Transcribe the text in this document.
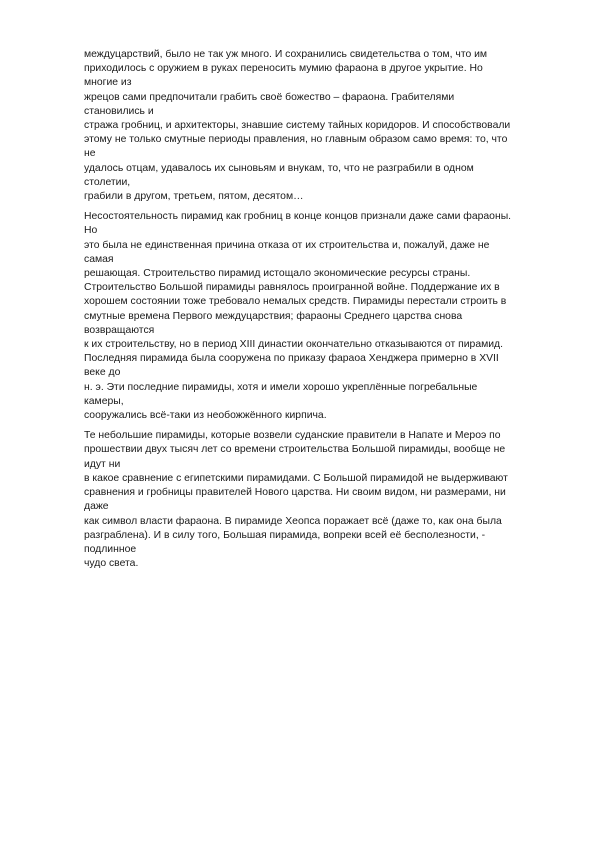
междуцарствий, было не так уж много. И сохранились свидетельства о том, что им
приходилось с оружием в руках переносить мумию фараона в другое укрытие. Но многие из
жрецов сами предпочитали грабить своё божество – фараона. Грабителями становились и
стража гробниц, и архитекторы, знавшие систему тайных коридоров. И способствовали
этому не только смутные периоды правления, но главным образом само время: то, что не
удалось отцам, удавалось их сыновьям и внукам, то, что не разграбили в одном столетии,
грабили в другом, третьем, пятом, десятом…

Несостоятельность пирамид как гробниц в конце концов признали даже сами фараоны. Но
это была не единственная причина отказа от их строительства и, пожалуй, даже не самая
решающая. Строительство пирамид истощало экономические ресурсы страны.
Строительство Большой пирамиды равнялось проигранной войне. Поддержание их в
хорошем состоянии тоже требовало немалых средств. Пирамиды перестали строить в
смутные времена Первого междуцарствия; фараоны Среднего царства снова возвращаются
к их строительству, но в период XIII династии окончательно отказываются от пирамид.
Последняя пирамида была сооружена по приказу фараоа Хенджера примерно в XVII веке до
н. э. Эти последние пирамиды, хотя и имели хорошо укреплённые погребальные камеры,
сооружались всё-таки из необожжённого кирпича.

Те небольшие пирамиды, которые возвели суданские правители в Напате и Мероэ по
прошествии двух тысяч лет со времени строительства Большой пирамиды, вообще не идут ни
в какое сравнение с египетскими пирамидами. С Большой пирамидой не выдерживают
сравнения и гробницы правителей Нового царства. Ни своим видом, ни размерами, ни даже
как символ власти фараона. В пирамиде Хеопса поражает всё (даже то, как она была
разграблена). И в силу того, Большая пирамида, вопреки всей её бесполезности, - подлинное
чудо света.
